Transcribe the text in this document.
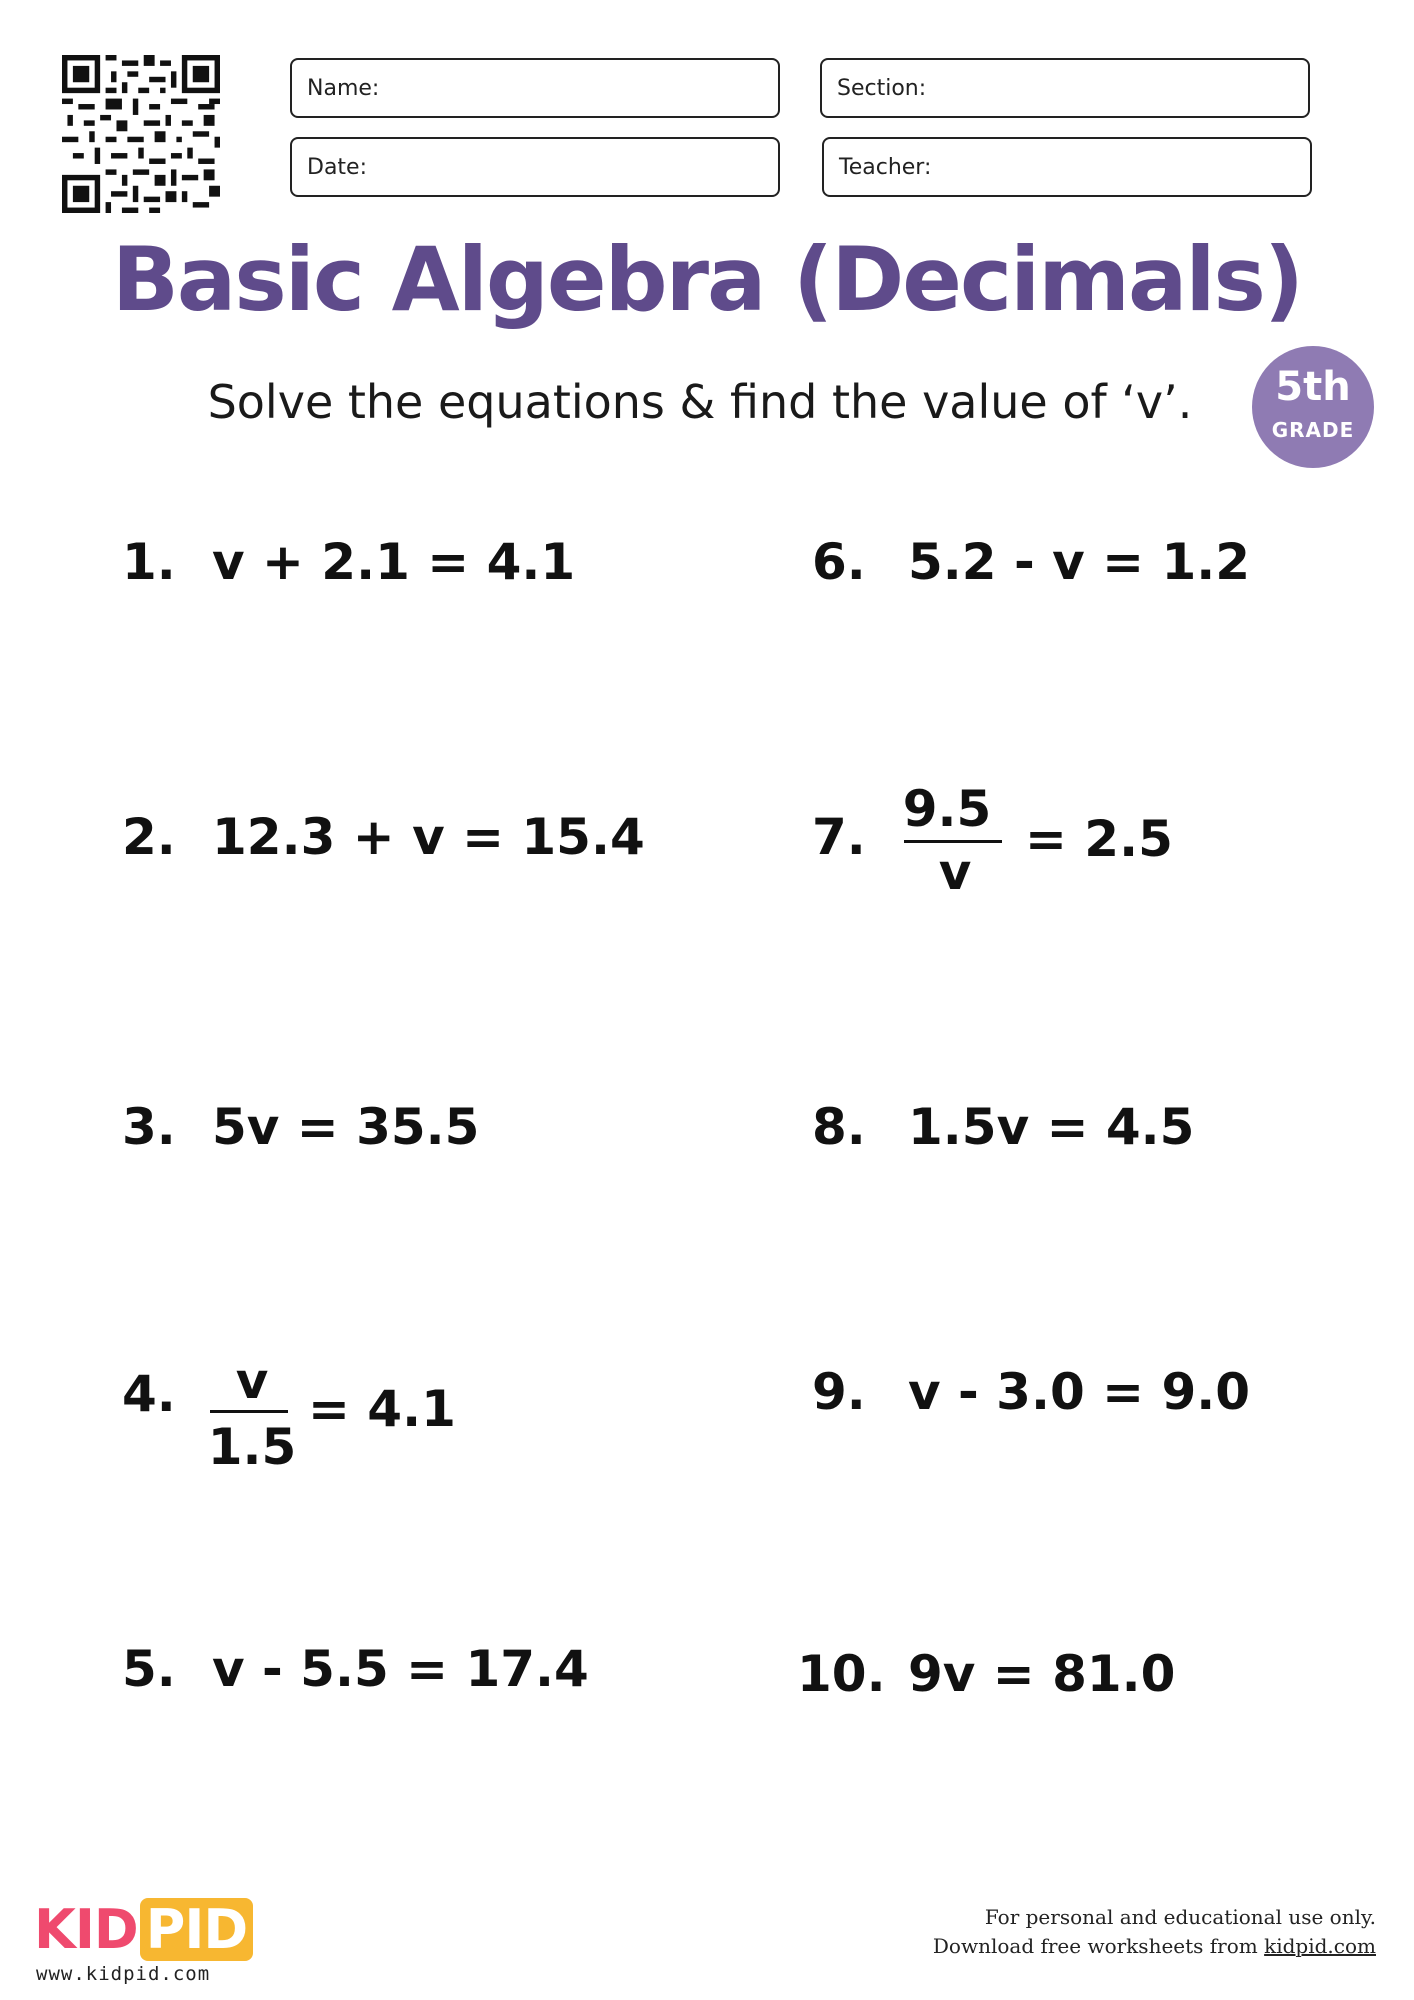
Name:	Section:
Date:	Teacher:
Basic Algebra (Decimals)
Solve the equations & find the value of ‘v’.	5th
GRADE
1. v + 2.1 = 4.1
2. 12.3 + v = 15.4
3. 5v = 35.5
4.	v
1.5
= 4.1
5. v - 5.5 = 17.4
6. 5.2 - v = 1.2
7. 9.5
v
= 2.5
8. 1.5v = 4.5
9. v - 3.0 = 9.0
10. 9v = 81.0
KID PID
www.kidpid.com
For personal and educational use only.
Download free worksheets from kidpid.com
